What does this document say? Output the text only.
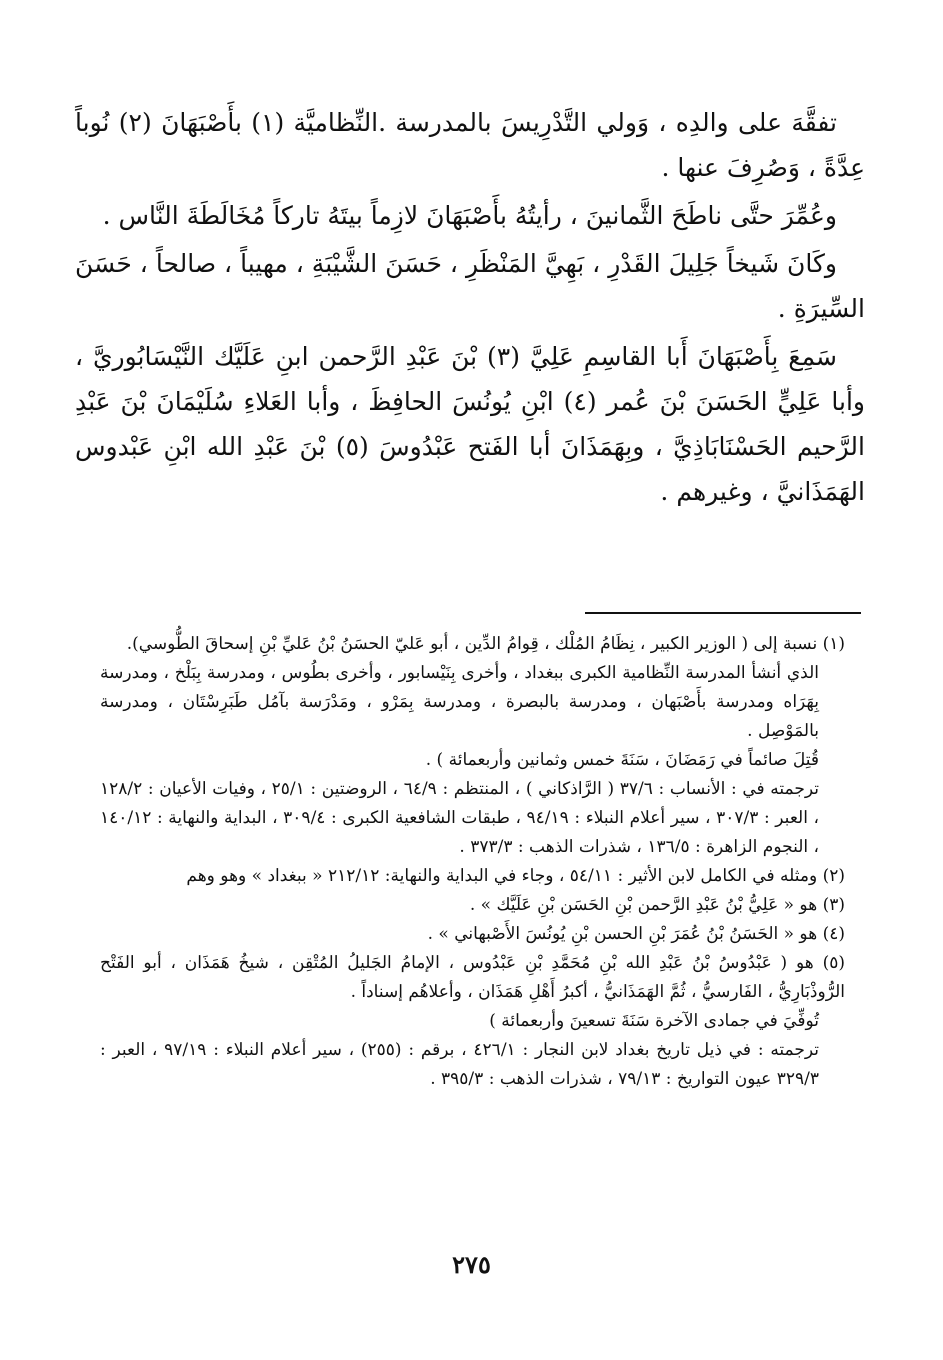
تفقَّهَ على والدِه ، وَولي التَّدْرِيسَ بالمدرسة .النِّظاميَّة (١) بأَصْبَهَانَ (٢) نُوباً عِدَّةً ، وَصُرِفَ عنها .

وعُمِّرَ حتَّى ناطَحَ الثَّمانينَ ، رأيتُهُ بأَصْبَهَانَ لازِماً بيتَهُ تاركاً مُخَالَطَةَ النَّاس .

وكَانَ شَيخاً جَلِيلَ القَدْرِ ، بَهِيَّ المَنْظَرِ ، حَسَنَ الشَّيْبَةِ ، مهيباً ، صالحاً ، حَسَنَ السِّيرَةِ .

سَمِعَ بِأَصْبَهَانَ أَبا القاسِمِ عَلِيَّ (٣) بْنَ عَبْدِ الرَّحمن ابنِ عَلَيَّك النَّيْسَابُوريَّ ، وأبا عَلِيٍّ الحَسَنَ بْنَ عُمر (٤) ابْنِ يُونُسَ الحافِظَ ، وأبا العَلاءِ سُلَيْمَانَ بْنَ عَبْدِ الرَّحيم الحَسْنَابَاذِيَّ ، وبِهَمَذَانَ أبا الفَتح عَبْدُوسَ (٥) بْنَ عَبْدِ الله ابْنِ عَبْدوس الهَمَذَانيَّ ، وغيرهم .

(١) نسبة إلى ( الوزير الكبير ، نِظَامُ المُلْك ، قِوامُ الدِّين ، أبو عَليّ الحسَنُ بْنُ عَليِّ بْنِ إسحاقَ الطُّوسي).

الذي أنشأ المدرسة النِّظامية الكبرى ببغداد ، وأخرى بِنَيْسابور ، وأخرى بطُوس ، ومدرسة بِبَلْخ ، ومدرسة بِهَرَاه ومدرسة بأَصْبَهان ، ومدرسة بالبصرة ، ومدرسة بِمَرْو ، ومَدْرَسة بآمُل طَبَرِسْتَان ، ومدرسة بالمَوْصِل .

قُتِلَ صائماً في رَمَضَانَ ، سَنَةَ خمس وثمانين وأربعمائة ) .

ترجمته في : الأنساب : ٣٧/٦ ( الرَّاذكاني ) ، المنتظم : ٦٤/٩ ، الروضتين : ٢٥/١ ، وفيات الأعيان : ١٢٨/٢ ، العبر : ٣٠٧/٣ ، سير أعلام النبلاء : ٩٤/١٩ ، طبقات الشافعية الكبرى : ٣٠٩/٤ ، البداية والنهاية : ١٤٠/١٢ ، النجوم الزاهرة : ١٣٦/٥ ، شذرات الذهب : ٣٧٣/٣ .

(٢) ومثله في الكامل لابن الأثير : ٥٤/١١ ، وجاء في البداية والنهاية: ٢١٢/١٢ « ببغداد » وهو وهم

(٣) هو « عَلِيُّ بْنُ عَبْدِ الرَّحمن بْنِ الحَسَن بْنِ عَلَيَّك » .

(٤) هو « الحَسَنُ بْنُ عُمَرَ بْنِ الحسن بْنِ يُونُسَ الأَصْبهاني » .

(٥) هو ( عَبْدُوسُ بْنُ عَبْدِ الله بْنِ مُحَمَّدِ بْنِ عَبْدُوس ، الإمامُ الجَليلُ المُتْقِن ، شيخُ هَمَذَان ، أبو الفَتْح الرُّوذْبَارِيُّ ، الفَارسيُّ ، ثُمَّ الهَمَذَانيُّ ، أكبرُ أَهْلِ هَمَذَان ، وأعلاهُم إسناداً .

تُوفِّيَ في جمادى الآخرة سَنَةَ تسعينَ وأربعمائة )

ترجمته : في ذيل تاريخ بغداد لابن النجار : ٤٢٦/١ ، برقم : (٢٥٥) ، سير أعلام النبلاء : ٩٧/١٩ ، العبر : ٣٢٩/٣ عيون التواريخ : ٧٩/١٣ ، شذرات الذهب : ٣٩٥/٣ .

٢٧٥
